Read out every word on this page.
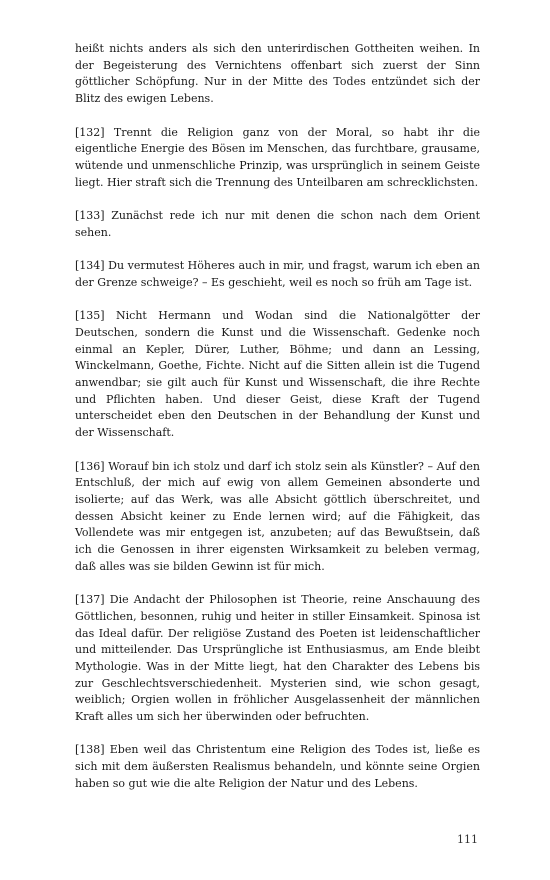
heißt nichts anders als sich den unterirdischen Gottheiten weihen. In der Begeisterung des Vernichtens offenbart sich zuerst der Sinn göttlicher Schöpfung. Nur in der Mitte des Todes entzündet sich der Blitz des ewigen Lebens.

[132] Trennt die Religion ganz von der Moral, so habt ihr die eigentliche Energie des Bösen im Menschen, das furchtbare, grausame, wütende und unmenschliche Prinzip, was ursprünglich in seinem Geiste liegt. Hier straft sich die Trennung des Unteilbaren am schrecklichsten.

[133] Zunächst rede ich nur mit denen die schon nach dem Orient sehen.

[134] Du vermutest Höheres auch in mir, und fragst, warum ich eben an der Grenze schweige? – Es geschieht, weil es noch so früh am Tage ist.

[135] Nicht Hermann und Wodan sind die Nationalgötter der Deutschen, sondern die Kunst und die Wissenschaft. Gedenke noch einmal an Kepler, Dürer, Luther, Böhme; und dann an Lessing, Winckelmann, Goethe, Fichte. Nicht auf die Sitten allein ist die Tugend anwendbar; sie gilt auch für Kunst und Wissenschaft, die ihre Rechte und Pflichten haben. Und dieser Geist, diese Kraft der Tugend unterscheidet eben den Deutschen in der Behandlung der Kunst und der Wissenschaft.

[136] Worauf bin ich stolz und darf ich stolz sein als Künstler? – Auf den Entschluß, der mich auf ewig von allem Gemeinen absonderte und isolierte; auf das Werk, was alle Absicht göttlich überschreitet, und dessen Absicht keiner zu Ende lernen wird; auf die Fähigkeit, das Vollendete was mir entgegen ist, anzubeten; auf das Bewußtsein, daß ich die Genossen in ihrer eigensten Wirksamkeit zu beleben vermag, daß alles was sie bilden Gewinn ist für mich.

[137] Die Andacht der Philosophen ist Theorie, reine Anschauung des Göttlichen, besonnen, ruhig und heiter in stiller Einsamkeit. Spinosa ist das Ideal dafür. Der religiöse Zustand des Poeten ist leidenschaftlicher und mitteilender. Das Ursprüngliche ist Enthusiasmus, am Ende bleibt Mythologie. Was in der Mitte liegt, hat den Charakter des Lebens bis zur Geschlechtsverschiedenheit. Mysterien sind, wie schon gesagt, weiblich; Orgien wollen in fröhlicher Ausgelassenheit der männlichen Kraft alles um sich her überwinden oder befruchten.

[138] Eben weil das Christentum eine Religion des Todes ist, ließe es sich mit dem äußersten Realismus behandeln, und könnte seine Orgien haben so gut wie die alte Religion der Natur und des Lebens.

111
